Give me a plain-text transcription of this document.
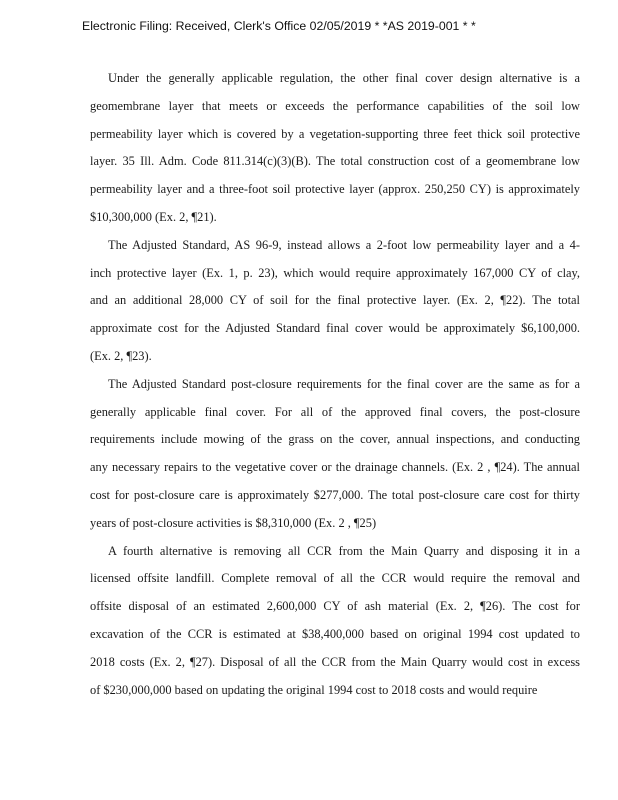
Electronic Filing: Received, Clerk's Office 02/05/2019 * *AS 2019-001 * *
Under the generally applicable regulation, the other final cover design alternative is a
geomembrane layer that meets or exceeds the performance capabilities of the soil low
permeability layer which is covered by a vegetation-supporting three feet thick soil protective
layer. 35 Ill. Adm. Code 811.314(c)(3)(B). The total construction cost of a geomembrane low
permeability layer and a three-foot soil protective layer (approx. 250,250 CY) is approximately
$10,300,000 (Ex. 2, ¶21).
The Adjusted Standard, AS 96-9, instead allows a 2-foot low permeability layer and a 4-
inch protective layer (Ex. 1, p. 23), which would require approximately 167,000 CY of clay,
and an additional 28,000 CY of soil for the final protective layer. (Ex. 2, ¶22). The total
approximate cost for the Adjusted Standard final cover would be approximately $6,100,000.
(Ex. 2, ¶23).
The Adjusted Standard post-closure requirements for the final cover are the same as for a
generally applicable final cover. For all of the approved final covers, the post-closure
requirements include mowing of the grass on the cover, annual inspections, and conducting
any necessary repairs to the vegetative cover or the drainage channels. (Ex. 2 , ¶24). The annual
cost for post-closure care is approximately $277,000. The total post-closure care cost for thirty
years of post-closure activities is $8,310,000 (Ex. 2 , ¶25)
A fourth alternative is removing all CCR from the Main Quarry and disposing it in a
licensed offsite landfill. Complete removal of all the CCR would require the removal and
offsite disposal of an estimated 2,600,000 CY of ash material (Ex. 2, ¶26). The cost for
excavation of the CCR is estimated at $38,400,000 based on original 1994 cost updated to
2018 costs (Ex. 2, ¶27). Disposal of all the CCR from the Main Quarry would cost in excess
of $230,000,000 based on updating the original 1994 cost to 2018 costs and would require
